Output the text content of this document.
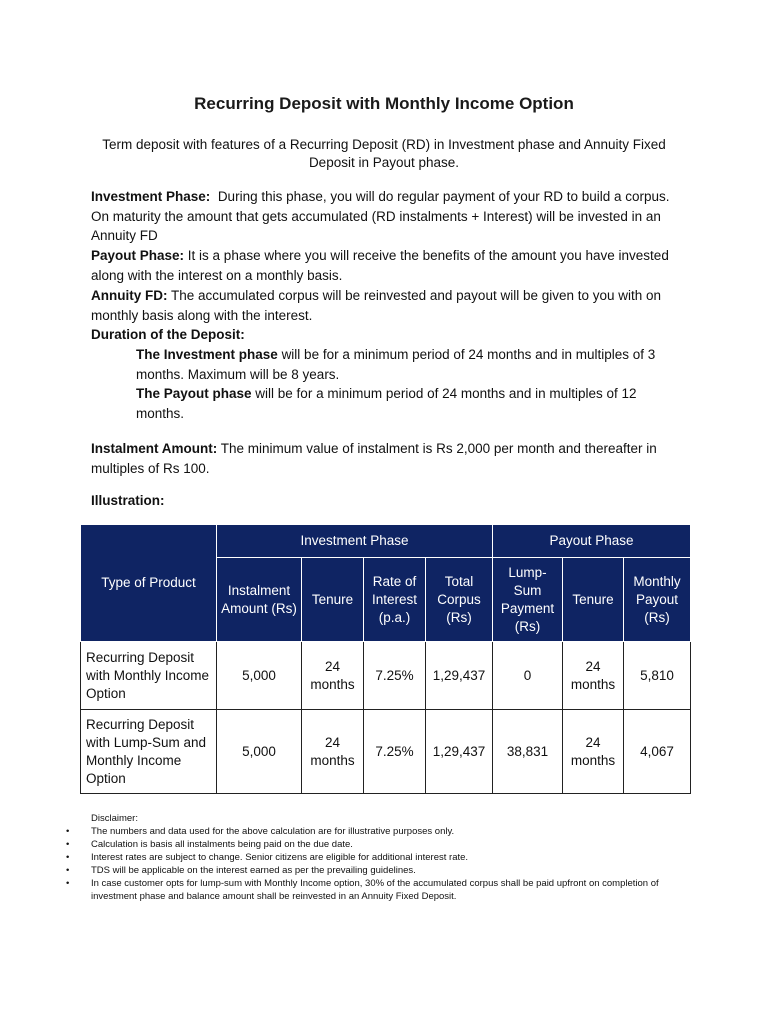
Recurring Deposit with Monthly Income Option
Term deposit with features of a Recurring Deposit (RD) in Investment phase and Annuity Fixed Deposit in Payout phase.
Investment Phase: During this phase, you will do regular payment of your RD to build a corpus. On maturity the amount that gets accumulated (RD instalments + Interest) will be invested in an Annuity FD
Payout Phase: It is a phase where you will receive the benefits of the amount you have invested along with the interest on a monthly basis.
Annuity FD: The accumulated corpus will be reinvested and payout will be given to you with on monthly basis along with the interest.
Duration of the Deposit:
The Investment phase will be for a minimum period of 24 months and in multiples of 3 months. Maximum will be 8 years.
The Payout phase will be for a minimum period of 24 months and in multiples of 12 months.
Instalment Amount: The minimum value of instalment is Rs 2,000 per month and thereafter in multiples of Rs 100.
Illustration:
Type of Product	Investment Phase				Payout Phase		
	Instalment Amount (Rs)	Tenure	Rate of Interest (p.a.)	Total Corpus (Rs)	Lump-Sum Payment (Rs)	Tenure	Monthly Payout (Rs)
Recurring Deposit with Monthly Income Option	5,000	24 months	7.25%	1,29,437	0	24 months	5,810
Recurring Deposit with Lump-Sum and Monthly Income Option	5,000	24 months	7.25%	1,29,437	38,831	24 months	4,067
Disclaimer:
• The numbers and data used for the above calculation are for illustrative purposes only.
• Calculation is basis all instalments being paid on the due date.
• Interest rates are subject to change. Senior citizens are eligible for additional interest rate.
• TDS will be applicable on the interest earned as per the prevailing guidelines.
• In case customer opts for lump-sum with Monthly Income option, 30% of the accumulated corpus shall be paid upfront on completion of investment phase and balance amount shall be reinvested in an Annuity Fixed Deposit.
